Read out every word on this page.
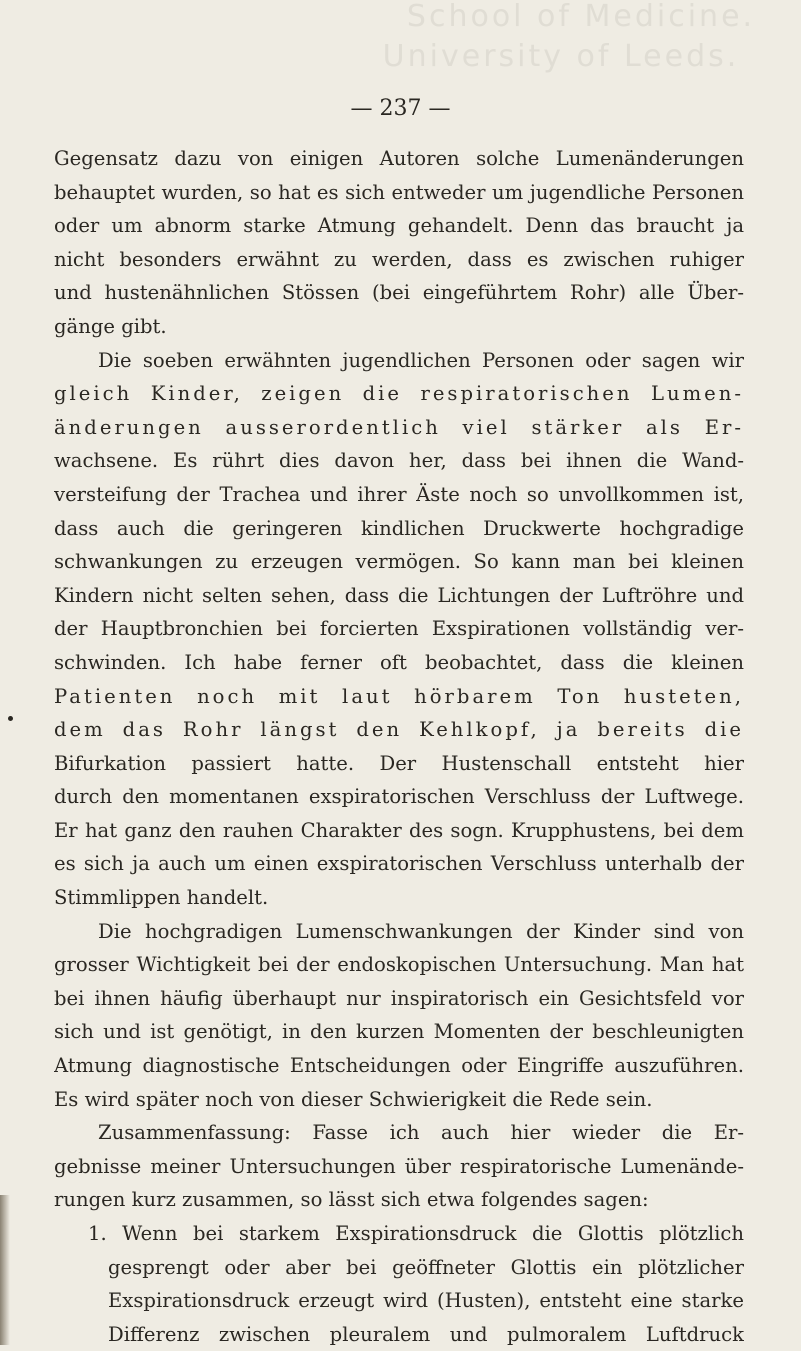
School of Medicine.
University of Leeds.
— 237 —
Gegensatz dazu von einigen Autoren solche Lumenänderungen
behauptet wurden, so hat es sich entweder um jugendliche Personen
oder um abnorm starke Atmung gehandelt. Denn das braucht ja
nicht besonders erwähnt zu werden, dass es zwischen ruhiger
und hustenähnlichen Stössen (bei eingeführtem Rohr) alle Über-
gänge gibt.
Die soeben erwähnten jugendlichen Personen oder sagen wir
gleich Kinder, zeigen die respiratorischen Lumen-
änderungen ausserordentlich viel stärker als Er-
wachsene. Es rührt dies davon her, dass bei ihnen die Wand-
versteifung der Trachea und ihrer Äste noch so unvollkommen ist,
dass auch die geringeren kindlichen Druckwerte hochgradige
schwankungen zu erzeugen vermögen. So kann man bei kleinen
Kindern nicht selten sehen, dass die Lichtungen der Luftröhre und
der Hauptbronchien bei forcierten Exspirationen vollständig ver-
schwinden. Ich habe ferner oft beobachtet, dass die kleinen
Patienten noch mit laut hörbarem Ton husteten,
dem das Rohr längst den Kehlkopf, ja bereits die
Bifurkation passiert hatte. Der Hustenschall entsteht hier
durch den momentanen exspiratorischen Verschluss der Luftwege.
Er hat ganz den rauhen Charakter des sogn. Krupphustens, bei dem
es sich ja auch um einen exspiratorischen Verschluss unterhalb der
Stimmlippen handelt.
Die hochgradigen Lumenschwankungen der Kinder sind von
grosser Wichtigkeit bei der endoskopischen Untersuchung. Man hat
bei ihnen häufig überhaupt nur inspiratorisch ein Gesichtsfeld vor
sich und ist genötigt, in den kurzen Momenten der beschleunigten
Atmung diagnostische Entscheidungen oder Eingriffe auszuführen.
Es wird später noch von dieser Schwierigkeit die Rede sein.
Zusammenfassung: Fasse ich auch hier wieder die Er-
gebnisse meiner Untersuchungen über respiratorische Lumenände-
rungen kurz zusammen, so lässt sich etwa folgendes sagen:
1. Wenn bei starkem Exspirationsdruck die Glottis plötzlich
gesprengt oder aber bei geöffneter Glottis ein plötzlicher
Exspirationsdruck erzeugt wird (Husten), entsteht eine starke
Differenz zwischen pleuralem und pulmoralem Luftdruck
